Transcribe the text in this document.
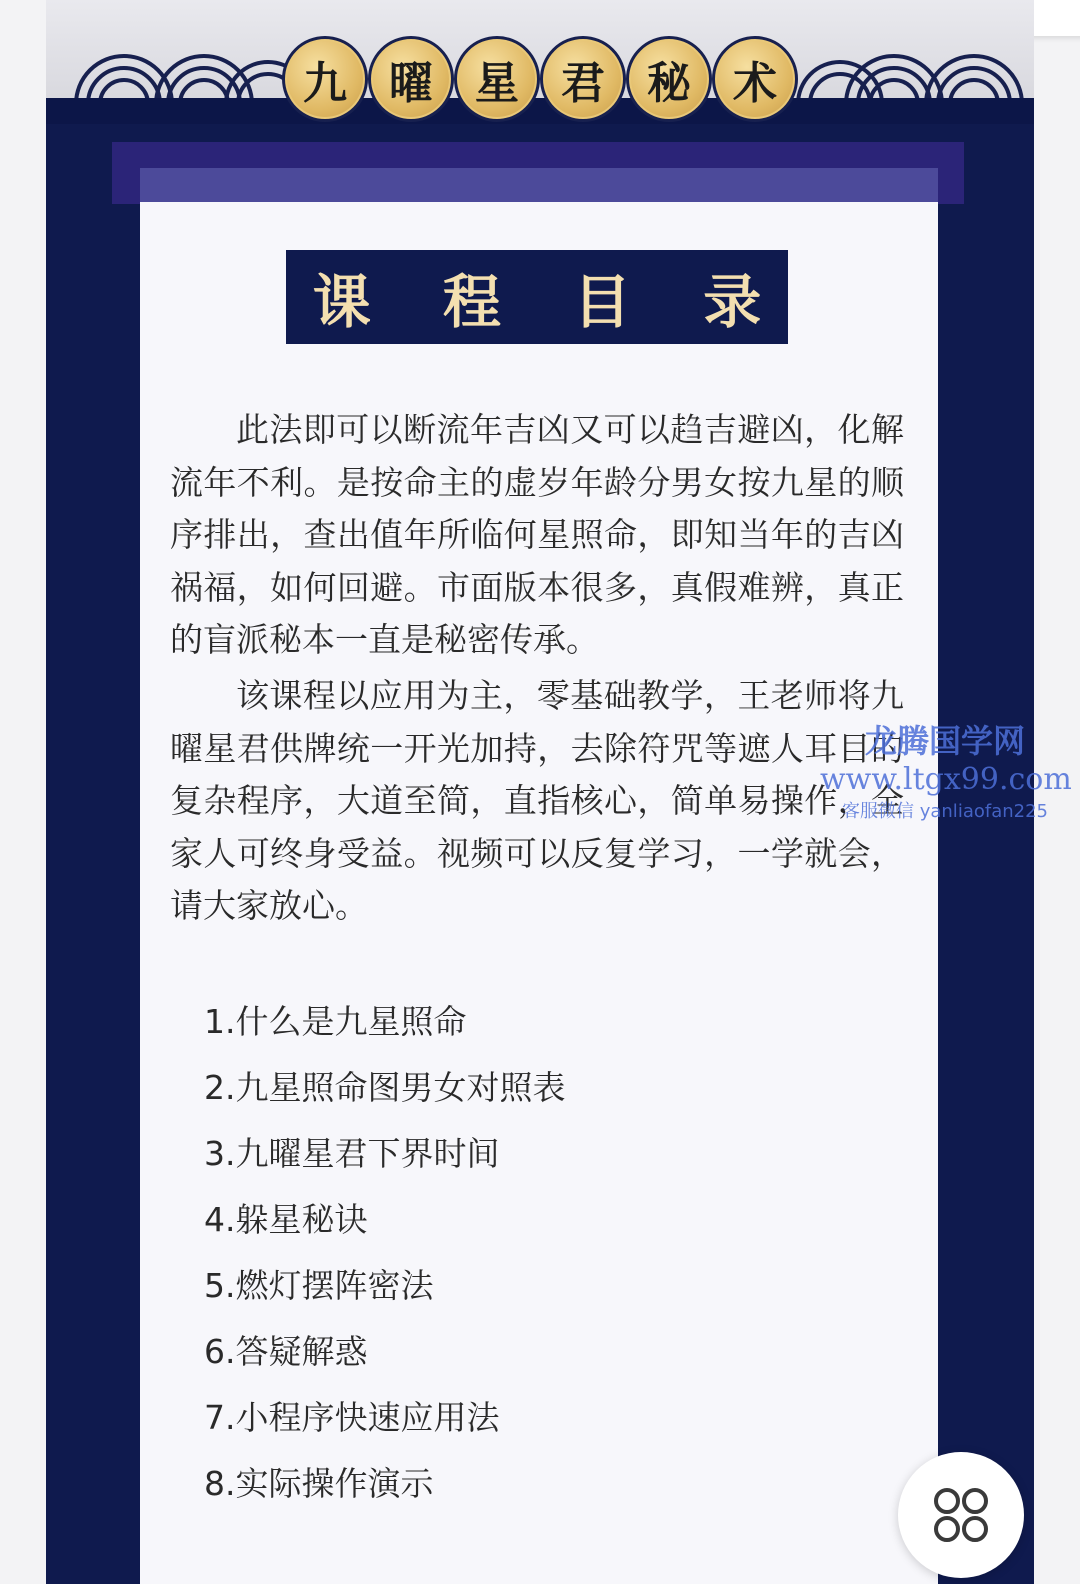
九 曜 星 君 秘 术
课 程 目 录

此法即可以断流年吉凶又可以趋吉避凶，化解流年不利。是按命主的虚岁年龄分男女按九星的顺序排出，查出值年所临何星照命，即知当年的吉凶祸福，如何回避。市面版本很多，真假难辨，真正的盲派秘本一直是秘密传承。

该课程以应用为主，零基础教学，王老师将九曜星君供牌统一开光加持，去除符咒等遮人耳目的复杂程序，大道至简，直指核心，简单易操作，全家人可终身受益。视频可以反复学习，一学就会，请大家放心。

1.什么是九星照命
2.九星照命图男女对照表
3.九曜星君下界时间
4.躲星秘诀
5.燃灯摆阵密法
6.答疑解惑
7.小程序快速应用法
8.实际操作演示
龙腾国学网
www.ltgx99.com
客服微信 yanliaofan225
